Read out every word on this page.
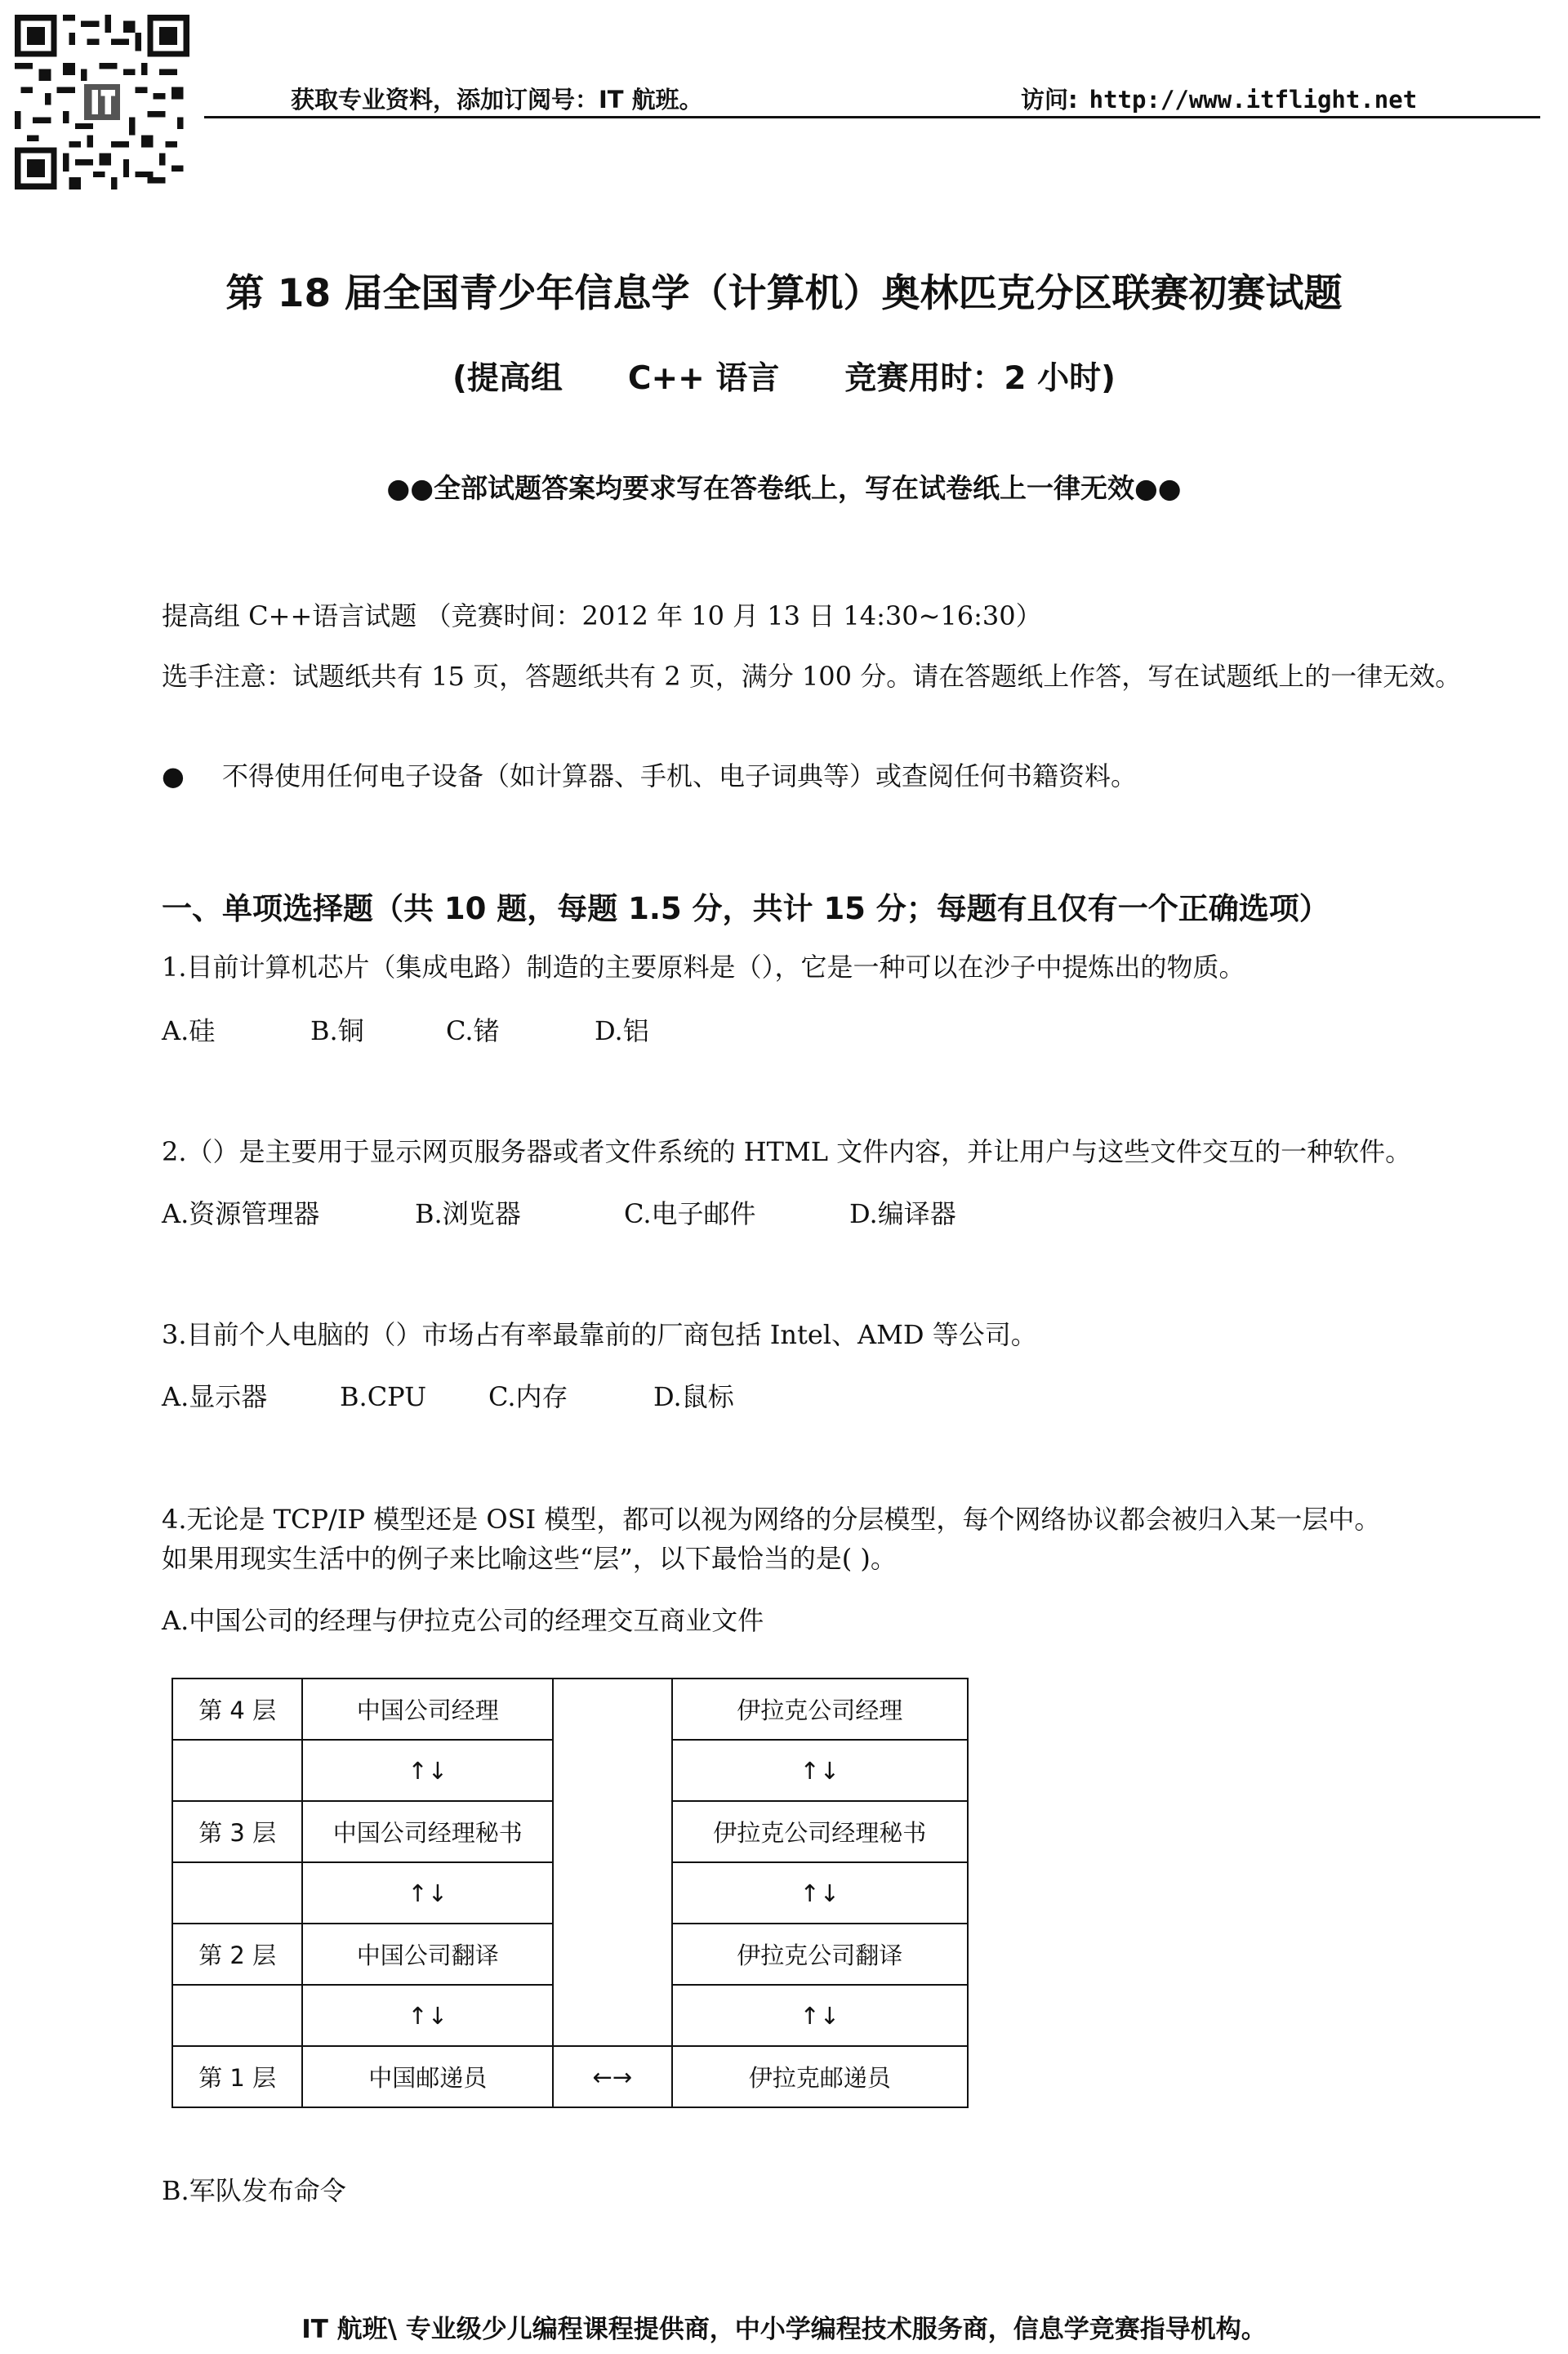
获取专业资料，添加订阅号：IT 航班。	访问: http://www.itflight.net
第 18 届全国青少年信息学（计算机）奥林匹克分区联赛初赛试题
(提高组 C++ 语言 竞赛用时：2 小时)
●●全部试题答案均要求写在答卷纸上，写在试卷纸上一律无效●●
提高组 C++语言试题 （竞赛时间：2012 年 10 月 13 日 14:30~16:30）
选手注意：试题纸共有 15 页，答题纸共有 2 页，满分 100 分。请在答题纸上作答，写在试题纸上的一律无效。
● 不得使用任何电子设备（如计算器、手机、电子词典等）或查阅任何书籍资料。
一、单项选择题（共 10 题，每题 1.5 分，共计 15 分；每题有且仅有一个正确选项）
1.目前计算机芯片（集成电路）制造的主要原料是（），它是一种可以在沙子中提炼出的物质。
A.硅	B.铜	C.锗	D.铝
2.（）是主要用于显示网页服务器或者文件系统的 HTML 文件内容，并让用户与这些文件交互的一种软件。
A.资源管理器	B.浏览器	C.电子邮件	D.编译器
3.目前个人电脑的（）市场占有率最靠前的厂商包括 Intel、AMD 等公司。
A.显示器	B.CPU C.内存	D.鼠标
4.无论是 TCP/IP 模型还是 OSI 模型，都可以视为网络的分层模型，每个网络协议都会被归入某一层中。
如果用现实生活中的例子来比喻这些“层”，以下最恰当的是( )。
A.中国公司的经理与伊拉克公司的经理交互商业文件
第 4 层	中国公司经理		伊拉克公司经理
	↑↓		↑↓
第 3 层	中国公司经理秘书		伊拉克公司经理秘书
	↑↓		↑↓
第 2 层	中国公司翻译		伊拉克公司翻译
	↑↓		↑↓
第 1 层	中国邮递员	←→	伊拉克邮递员
B.军队发布命令
IT 航班\ 专业级少儿编程课程提供商，中小学编程技术服务商，信息学竞赛指导机构。
